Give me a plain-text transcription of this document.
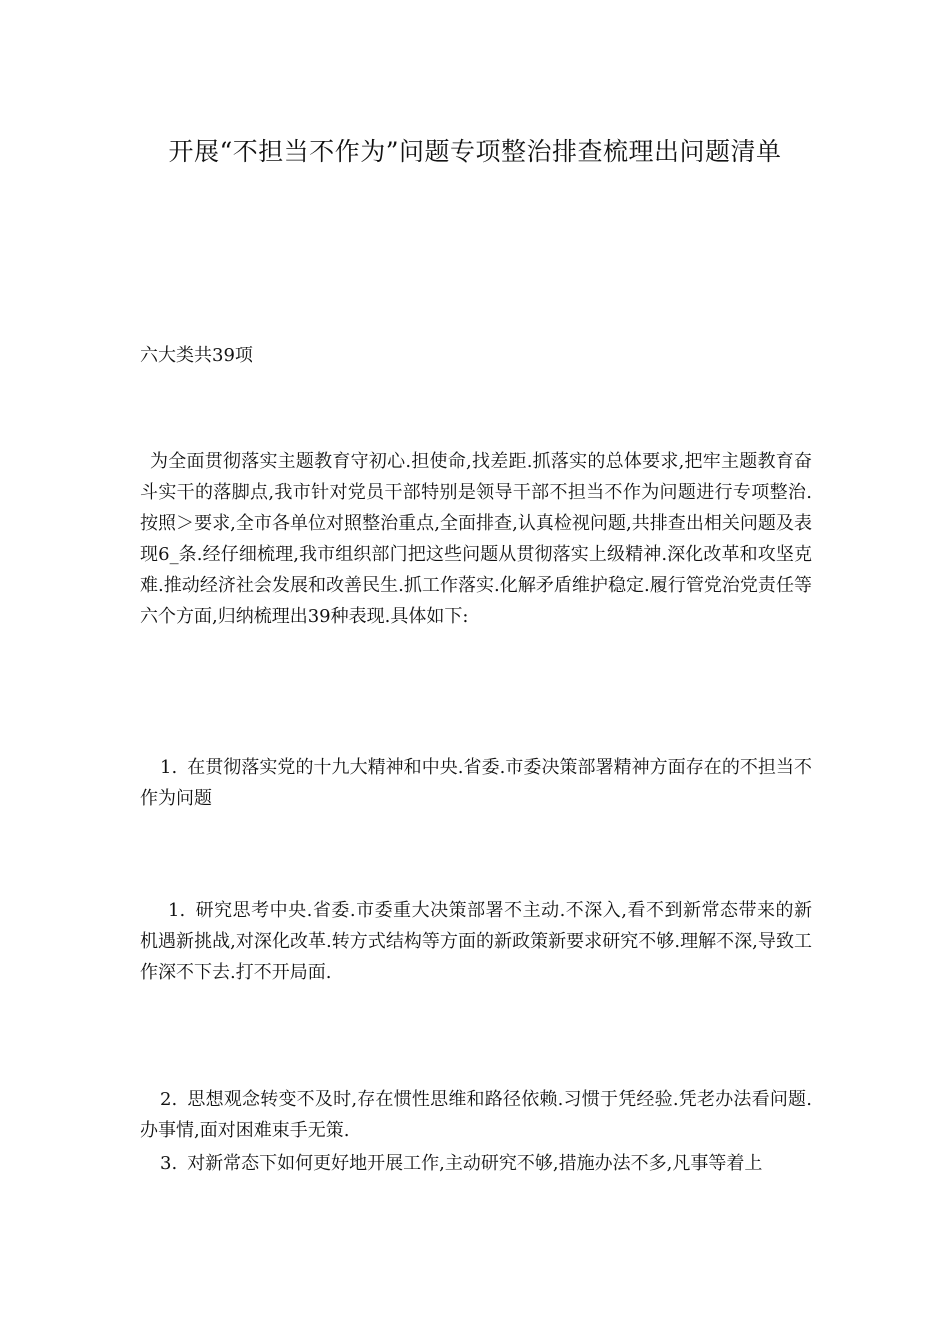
开展“不担当不作为”问题专项整治排查梳理出问题清单

六大类共39项

为全面贯彻落实主题教育守初心.担使命,找差距.抓落实的总体要求,把牢主题教育奋斗实干的落脚点,我市针对党员干部特别是领导干部不担当不作为问题进行专项整治.按照＞要求,全市各单位对照整治重点,全面排查,认真检视问题,共排查出相关问题及表现6_条.经仔细梳理,我市组织部门把这些问题从贯彻落实上级精神.深化改革和攻坚克难.推动经济社会发展和改善民生.抓工作落实.化解矛盾维护稳定.履行管党治党责任等六个方面,归纳梳理出39种表现.具体如下:

1. 在贯彻落实党的十九大精神和中央.省委.市委决策部署精神方面存在的不担当不作为问题

1. 研究思考中央.省委.市委重大决策部署不主动.不深入,看不到新常态带来的新机遇新挑战,对深化改革.转方式结构等方面的新政策新要求研究不够.理解不深,导致工作深不下去.打不开局面.

2. 思想观念转变不及时,存在惯性思维和路径依赖.习惯于凭经验.凭老办法看问题.办事情,面对困难束手无策.

3. 对新常态下如何更好地开展工作,主动研究不够,措施办法不多,凡事等着上
